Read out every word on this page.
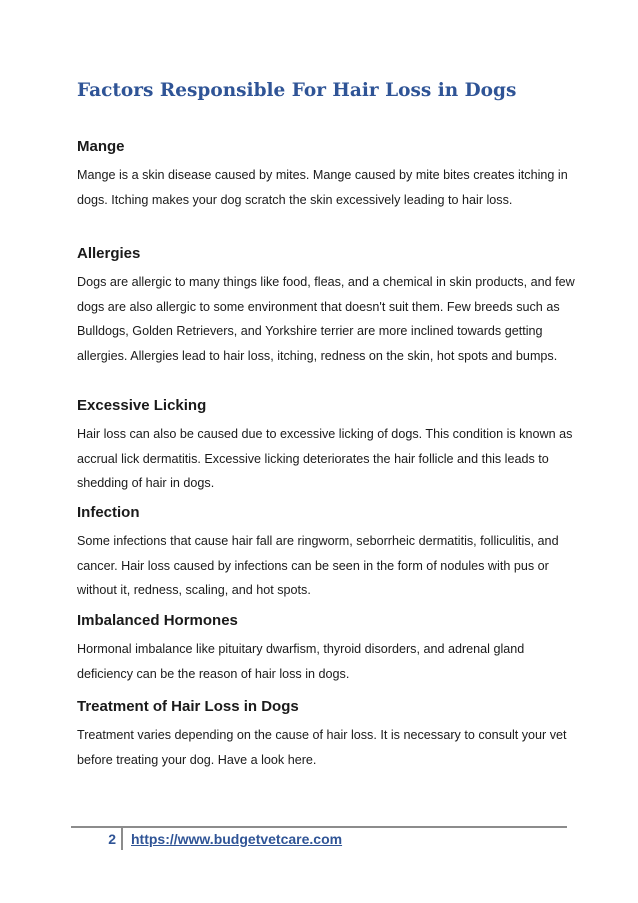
Factors Responsible For Hair Loss in Dogs
Mange

Mange is a skin disease caused by mites. Mange caused by mite bites creates itching in dogs. Itching makes your dog scratch the skin excessively leading to hair loss.

Allergies

Dogs are allergic to many things like food, fleas, and a chemical in skin products, and few dogs are also allergic to some environment that doesn't suit them. Few breeds such as Bulldogs, Golden Retrievers, and Yorkshire terrier are more inclined towards getting allergies. Allergies lead to hair loss, itching, redness on the skin, hot spots and bumps.

Excessive Licking

Hair loss can also be caused due to excessive licking of dogs. This condition is known as accrual lick dermatitis. Excessive licking deteriorates the hair follicle and this leads to shedding of hair in dogs.

Infection

Some infections that cause hair fall are ringworm, seborrheic dermatitis, folliculitis, and cancer. Hair loss caused by infections can be seen in the form of nodules with pus or without it, redness, scaling, and hot spots.

Imbalanced Hormones

Hormonal imbalance like pituitary dwarfism, thyroid disorders, and adrenal gland deficiency can be the reason of hair loss in dogs.

Treatment of Hair Loss in Dogs

Treatment varies depending on the cause of hair loss. It is necessary to consult your vet before treating your dog. Have a look here.

2 https://www.budgetvetcare.com
